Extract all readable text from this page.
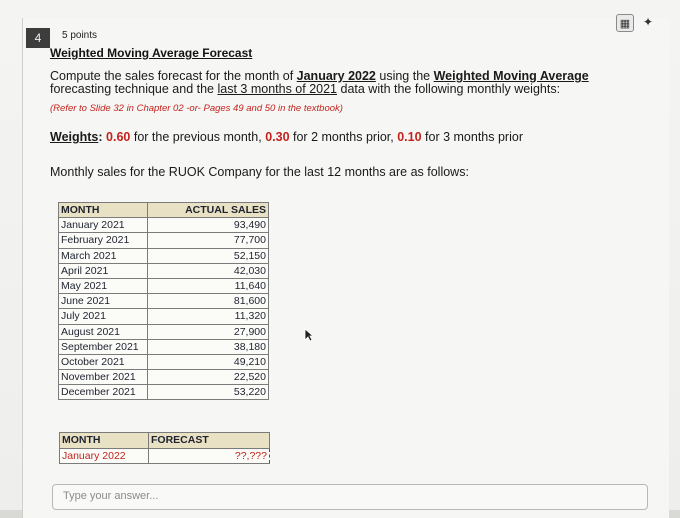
4	5 points
▦	✦
Weighted Moving Average Forecast
Compute the sales forecast for the month of January 2022 using the Weighted Moving Average forecasting technique and the last 3 months of 2021 data with the following monthly weights:
(Refer to Slide 32 in Chapter 02 -or- Pages 49 and 50 in the textbook)
Weights: 0.60 for the previous month, 0.30 for 2 months prior, 0.10 for 3 months prior
Monthly sales for the RUOK Company for the last 12 months are as follows:
MONTH	ACTUAL SALES
January 2021	93,490
February 2021	77,700
March 2021	52,150
April 2021	42,030
May 2021	11,640
June 2021	81,600
July 2021	11,320
August 2021	27,900
September 2021	38,180
October 2021	49,210
November 2021	22,520
December 2021	53,220
MONTH	FORECAST
January 2022	??,???
Type your answer...
